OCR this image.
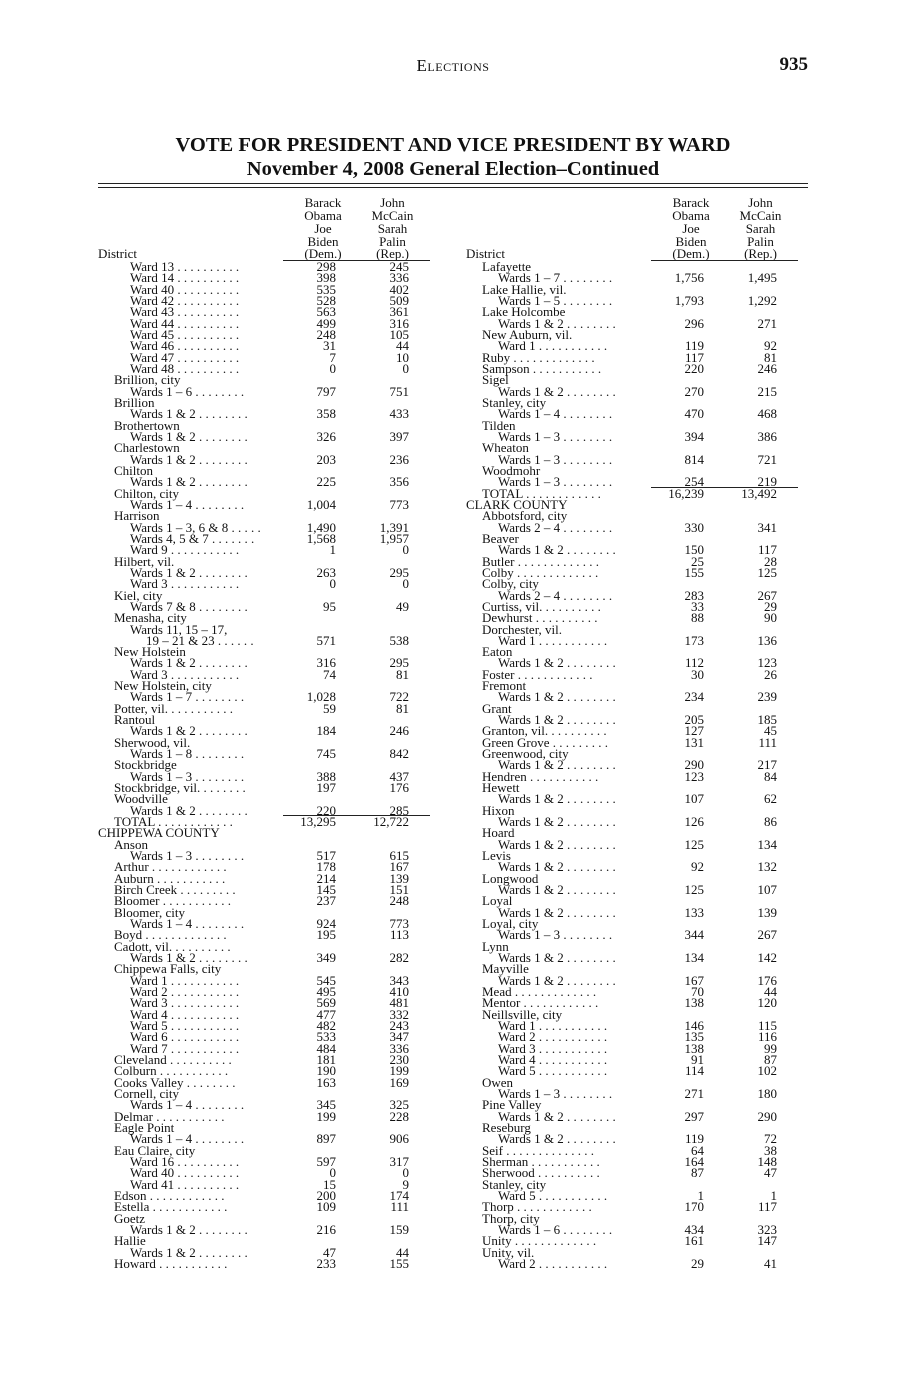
Elections	935
VOTE FOR PRESIDENT AND VICE PRESIDENT BY WARD
November 4, 2008 General Election–Continued
District
Barack
Obama
Joe
Biden
(Dem.)
John
McCain
Sarah
Palin
(Rep.)
Ward 13 . . . . . . . . . .	298	245
Ward 14 . . . . . . . . . .	398	336
Ward 40 . . . . . . . . . .	535	402
Ward 42 . . . . . . . . . .	528	509
Ward 43 . . . . . . . . . .	563	361
Ward 44 . . . . . . . . . .	499	316
Ward 45 . . . . . . . . . .	248	105
Ward 46 . . . . . . . . . .	31	44
Ward 47 . . . . . . . . . .	7	10
Ward 48 . . . . . . . . . .	0	0
Brillion, city
Wards 1 – 6 . . . . . . . .	797	751
Brillion
Wards 1 & 2 . . . . . . . .	358	433
Brothertown
Wards 1 & 2 . . . . . . . .	326	397
Charlestown
Wards 1 & 2 . . . . . . . .	203	236
Chilton
Wards 1 & 2 . . . . . . . .	225	356
Chilton, city
Wards 1 – 4 . . . . . . . .	1,004	773
Harrison
Wards 1 – 3, 6 & 8 . . . . .	1,490	1,391
Wards 4, 5 & 7 . . . . . . .	1,568	1,957
Ward 9 . . . . . . . . . . .	1	0
Hilbert, vil.
Wards 1 & 2 . . . . . . . .	263	295
Ward 3 . . . . . . . . . . .	0	0
Kiel, city
Wards 7 & 8 . . . . . . . .	95	49
Menasha, city
Wards 11, 15 – 17,
19 – 21 & 23 . . . . . .	571	538
New Holstein
Wards 1 & 2 . . . . . . . .	316	295
Ward 3 . . . . . . . . . . .	74	81
New Holstein, city
Wards 1 – 7 . . . . . . . .	1,028	722
Potter, vil. . . . . . . . . . .	59	81
Rantoul
Wards 1 & 2 . . . . . . . .	184	246
Sherwood, vil.
Wards 1 – 8 . . . . . . . .	745	842
Stockbridge
Wards 1 – 3 . . . . . . . .	388	437
Stockbridge, vil. . . . . . . .	197	176
Woodville
Wards 1 & 2 . . . . . . . .	220	285
TOTAL . . . . . . . . . . . .	13,295	12,722
CHIPPEWA COUNTY
Anson
Wards 1 – 3 . . . . . . . .	517	615
Arthur . . . . . . . . . . . .	178	167
Auburn . . . . . . . . . . .	214	139
Birch Creek . . . . . . . . .	145	151
Bloomer . . . . . . . . . . .	237	248
Bloomer, city
Wards 1 – 4 . . . . . . . .	924	773
Boyd . . . . . . . . . . . . .	195	113
Cadott, vil. . . . . . . . . .
Wards 1 & 2 . . . . . . . .	349	282
Chippewa Falls, city
Ward 1 . . . . . . . . . . .	545	343
Ward 2 . . . . . . . . . . .	495	410
Ward 3 . . . . . . . . . . .	569	481
Ward 4 . . . . . . . . . . .	477	332
Ward 5 . . . . . . . . . . .	482	243
Ward 6 . . . . . . . . . . .	533	347
Ward 7 . . . . . . . . . . .	484	336
Cleveland . . . . . . . . . .	181	230
Colburn . . . . . . . . . . .	190	199
Cooks Valley . . . . . . . .	163	169
Cornell, city
Wards 1 – 4 . . . . . . . .	345	325
Delmar . . . . . . . . . . .	199	228
Eagle Point
Wards 1 – 4 . . . . . . . .	897	906
Eau Claire, city
Ward 16 . . . . . . . . . .	597	317
Ward 40 . . . . . . . . . .	0	0
Ward 41 . . . . . . . . . .	15	9
Edson . . . . . . . . . . . .	200	174
Estella . . . . . . . . . . . .	109	111
Goetz
Wards 1 & 2 . . . . . . . .	216	159
Hallie
Wards 1 & 2 . . . . . . . .	47	44
Howard . . . . . . . . . . .	233	155
District
Barack
Obama
Joe
Biden
(Dem.)
John
McCain
Sarah
Palin
(Rep.)
Lafayette
Wards 1 – 7 . . . . . . . .	1,756	1,495
Lake Hallie, vil.
Wards 1 – 5 . . . . . . . .	1,793	1,292
Lake Holcombe
Wards 1 & 2 . . . . . . . .	296	271
New Auburn, vil.
Ward 1 . . . . . . . . . . .	119	92
Ruby . . . . . . . . . . . . .	117	81
Sampson . . . . . . . . . . .	220	246
Sigel
Wards 1 & 2 . . . . . . . .	270	215
Stanley, city
Wards 1 – 4 . . . . . . . .	470	468
Tilden
Wards 1 – 3 . . . . . . . .	394	386
Wheaton
Wards 1 – 3 . . . . . . . .	814	721
Woodmohr
Wards 1 – 3 . . . . . . . .	254	219
TOTAL . . . . . . . . . . . .	16,239	13,492
CLARK COUNTY
Abbotsford, city
Wards 2 – 4 . . . . . . . .	330	341
Beaver
Wards 1 & 2 . . . . . . . .	150	117
Butler . . . . . . . . . . . . .	25	28
Colby . . . . . . . . . . . . .	155	125
Colby, city
Wards 2 – 4 . . . . . . . .	283	267
Curtiss, vil. . . . . . . . . .	33	29
Dewhurst . . . . . . . . . .	88	90
Dorchester, vil.
Ward 1 . . . . . . . . . . .	173	136
Eaton
Wards 1 & 2 . . . . . . . .	112	123
Foster . . . . . . . . . . . .	30	26
Fremont
Wards 1 & 2 . . . . . . . .	234	239
Grant
Wards 1 & 2 . . . . . . . .	205	185
Granton, vil. . . . . . . . . .	127	45
Green Grove . . . . . . . . .	131	111
Greenwood, city
Wards 1 & 2 . . . . . . . .	290	217
Hendren . . . . . . . . . . .	123	84
Hewett
Wards 1 & 2 . . . . . . . .	107	62
Hixon
Wards 1 & 2 . . . . . . . .	126	86
Hoard
Wards 1 & 2 . . . . . . . .	125	134
Levis
Wards 1 & 2 . . . . . . . .	92	132
Longwood
Wards 1 & 2 . . . . . . . .	125	107
Loyal
Wards 1 & 2 . . . . . . . .	133	139
Loyal, city
Wards 1 – 3 . . . . . . . .	344	267
Lynn
Wards 1 & 2 . . . . . . . .	134	142
Mayville
Wards 1 & 2 . . . . . . . .	167	176
Mead . . . . . . . . . . . . .	70	44
Mentor . . . . . . . . . . . .	138	120
Neillsville, city
Ward 1 . . . . . . . . . . .	146	115
Ward 2 . . . . . . . . . . .	135	116
Ward 3 . . . . . . . . . . .	138	99
Ward 4 . . . . . . . . . . .	91	87
Ward 5 . . . . . . . . . . .	114	102
Owen
Wards 1 – 3 . . . . . . . .	271	180
Pine Valley
Wards 1 & 2 . . . . . . . .	297	290
Reseburg
Wards 1 & 2 . . . . . . . .	119	72
Seif . . . . . . . . . . . . . .	64	38
Sherman . . . . . . . . . . .	164	148
Sherwood . . . . . . . . . .	87	47
Stanley, city
Ward 5 . . . . . . . . . . .	1	1
Thorp . . . . . . . . . . . .	170	117
Thorp, city
Wards 1 – 6 . . . . . . . .	434	323
Unity . . . . . . . . . . . . .	161	147
Unity, vil.
Ward 2 . . . . . . . . . . .	29	41
